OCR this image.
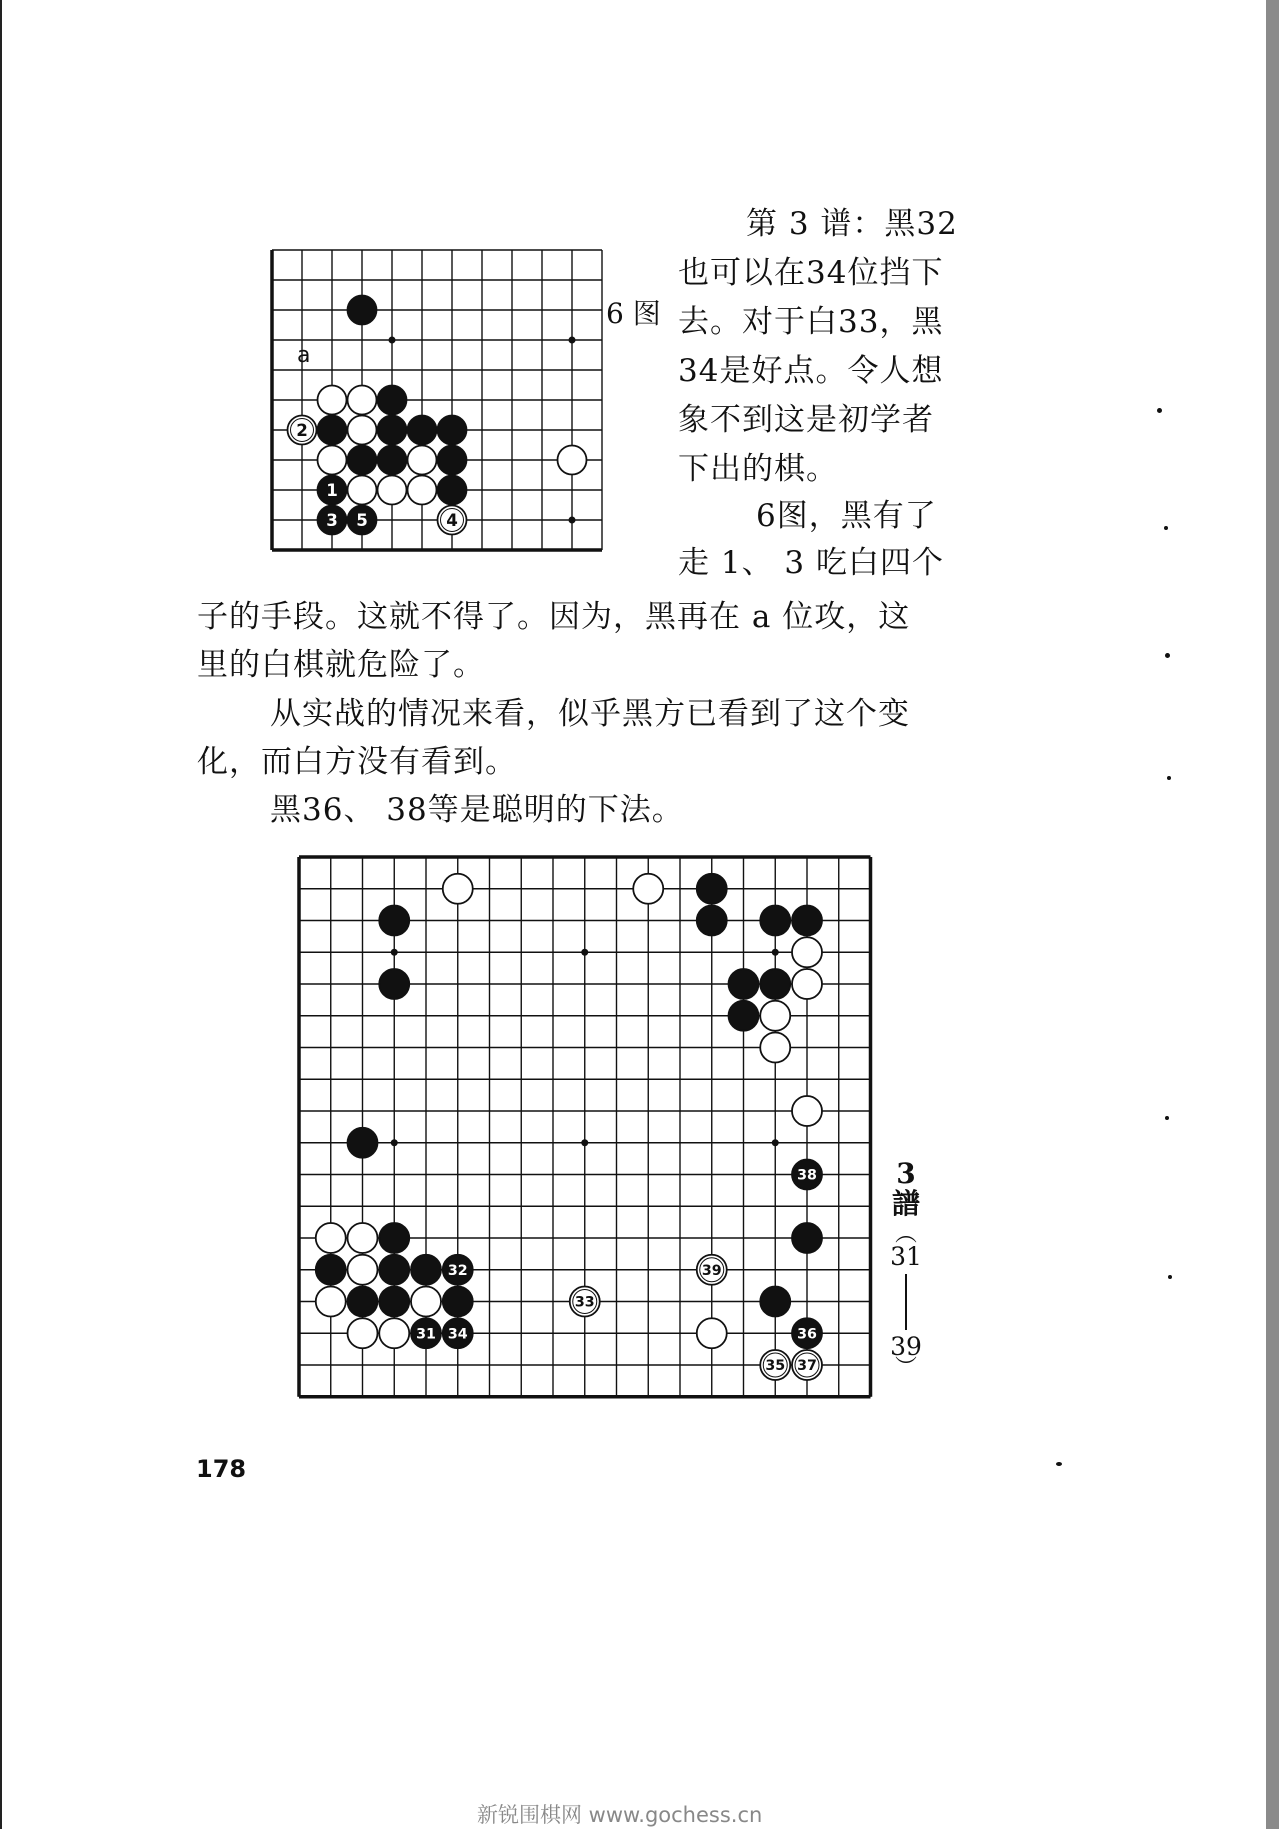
2
1
3 5	4
6 图
a
第 3 谱：黑32
也可以在34位挡下
去。对于白33，黑
34是好点。令人想
象不到这是初学者
下出的棋。
6图，黑有了
走 1、 3 吃白四个
子的手段。这就不得了。因为，黑再在 a 位攻，这
里的白棋就危险了。
从实战的情况来看，似乎黑方已看到了这个变
化，而白方没有看到。
黑36、 38等是聪明的下法。
38
32	39
33
31 34	36
35 37
3
譜
︵
31
39
︶
178
新锐围棋网 www.gochess.cn
